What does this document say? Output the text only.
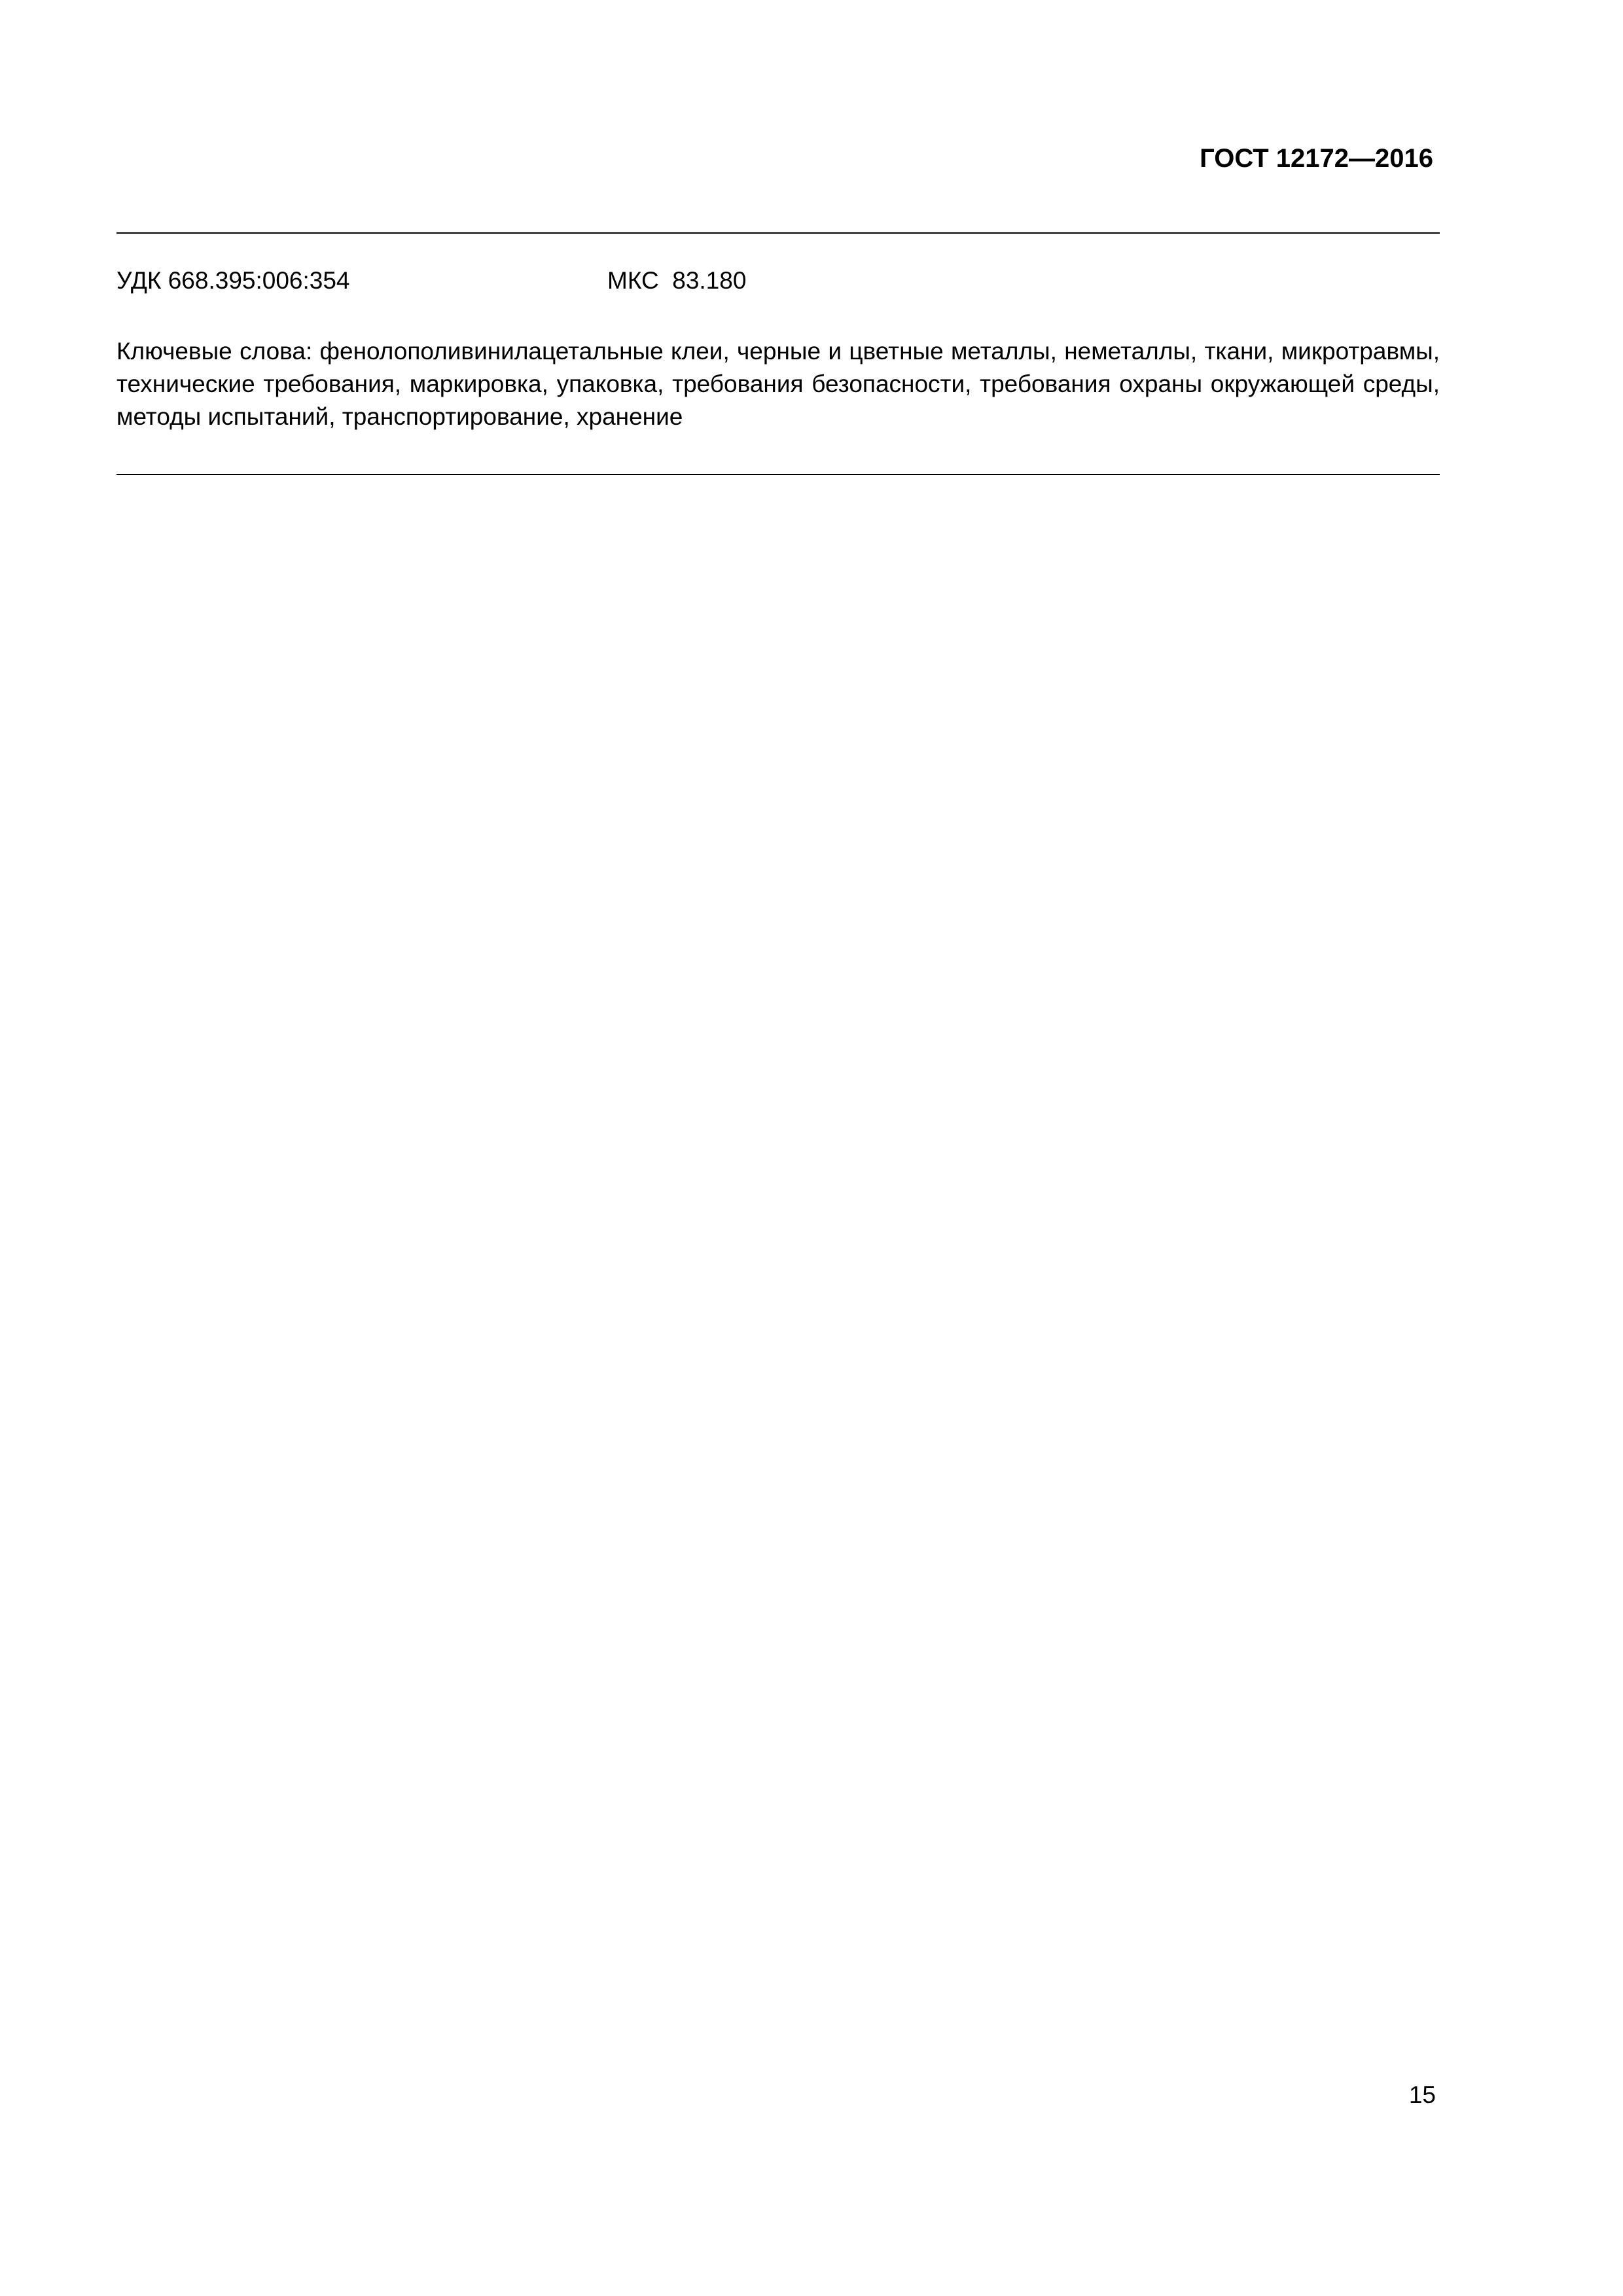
ГОСТ 12172—2016
УДК 668.395:006:354	МКС  83.180
Ключевые слова: фенолополивинилацетальные клеи, черные и цветные металлы, неметаллы, ткани, микротравмы, технические требования, маркировка, упаковка, требования безопасности, требования охраны окружающей среды, методы испытаний, транспортирование, хранение
15
